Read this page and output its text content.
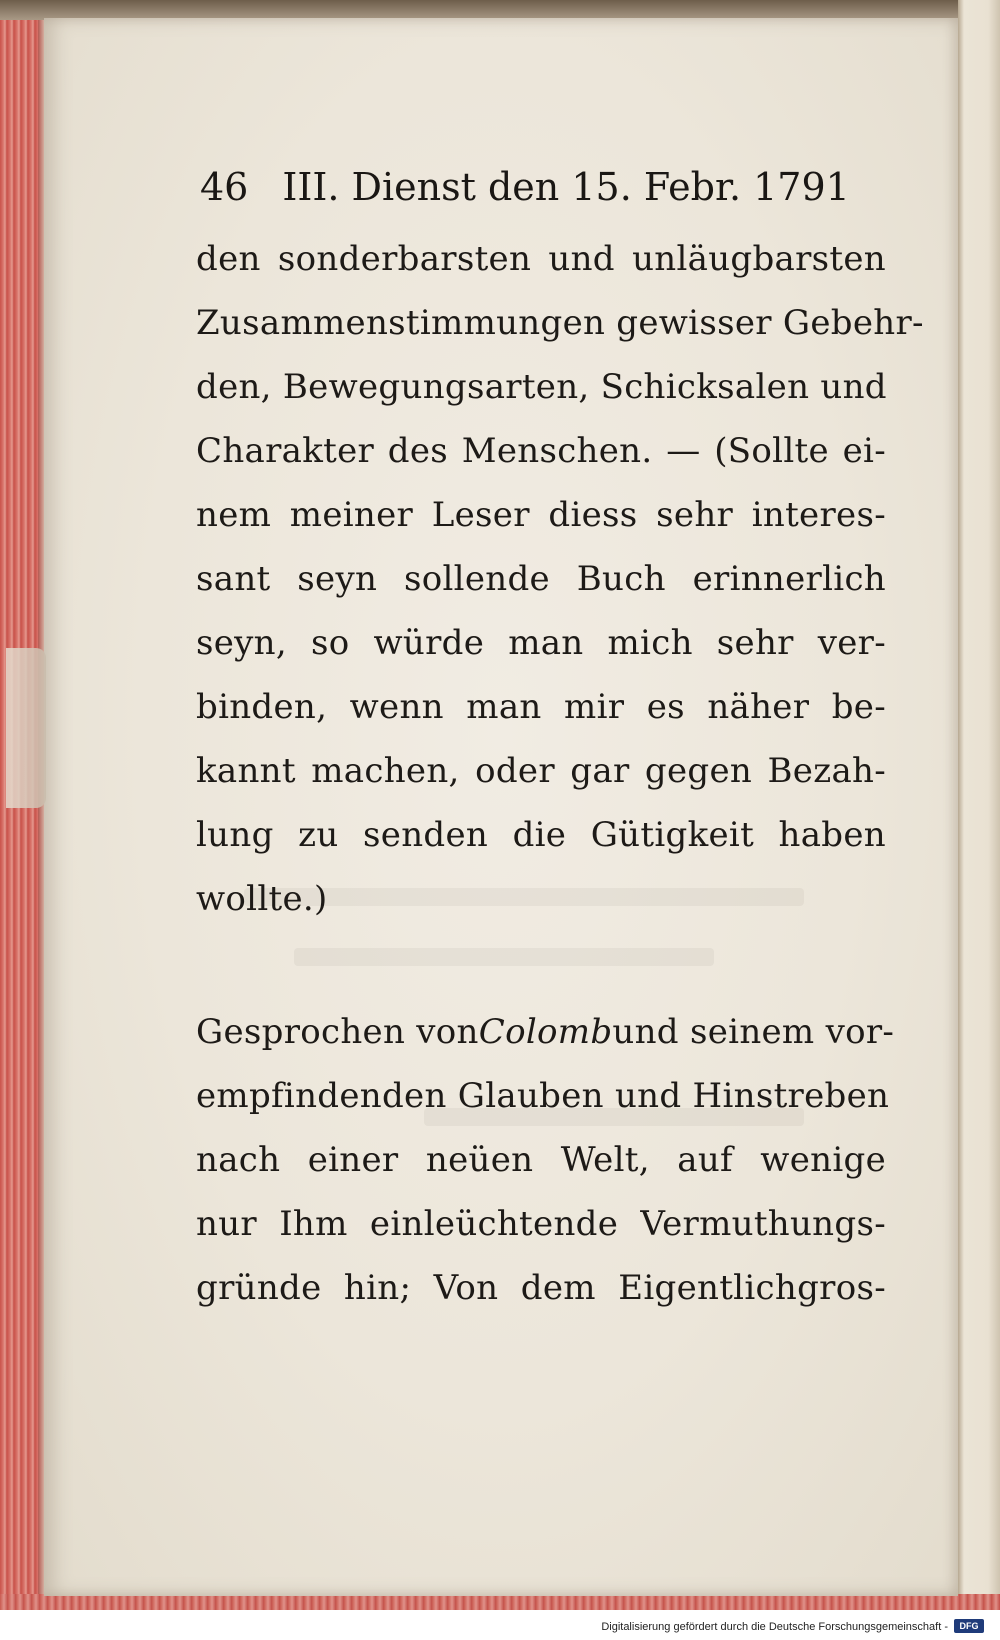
46 III. Dienst den 15. Febr. 1791
den sonderbarsten und unläugbarsten
Zusammenstimmungen gewisser Gebehr-
den, Bewegungsarten, Schicksalen und
Charakter des Menschen. — (Sollte ei-
nem meiner Leser diess sehr interes-
sant seyn sollende Buch erinnerlich
seyn, so würde man mich sehr ver-
binden, wenn man mir es näher be-
kannt machen, oder gar gegen Bezah-
lung zu senden die Gütigkeit haben
wollte.)
Gesprochen von Colomb und seinem vor-
empfindenden Glauben und Hinstreben
nach einer neüen Welt, auf wenige
nur Ihm einleüchtende Vermuthungs-
gründe hin; Von dem Eigentlichgros-
Digitalisierung gefördert durch die Deutsche Forschungsgemeinschaft -	DFG
